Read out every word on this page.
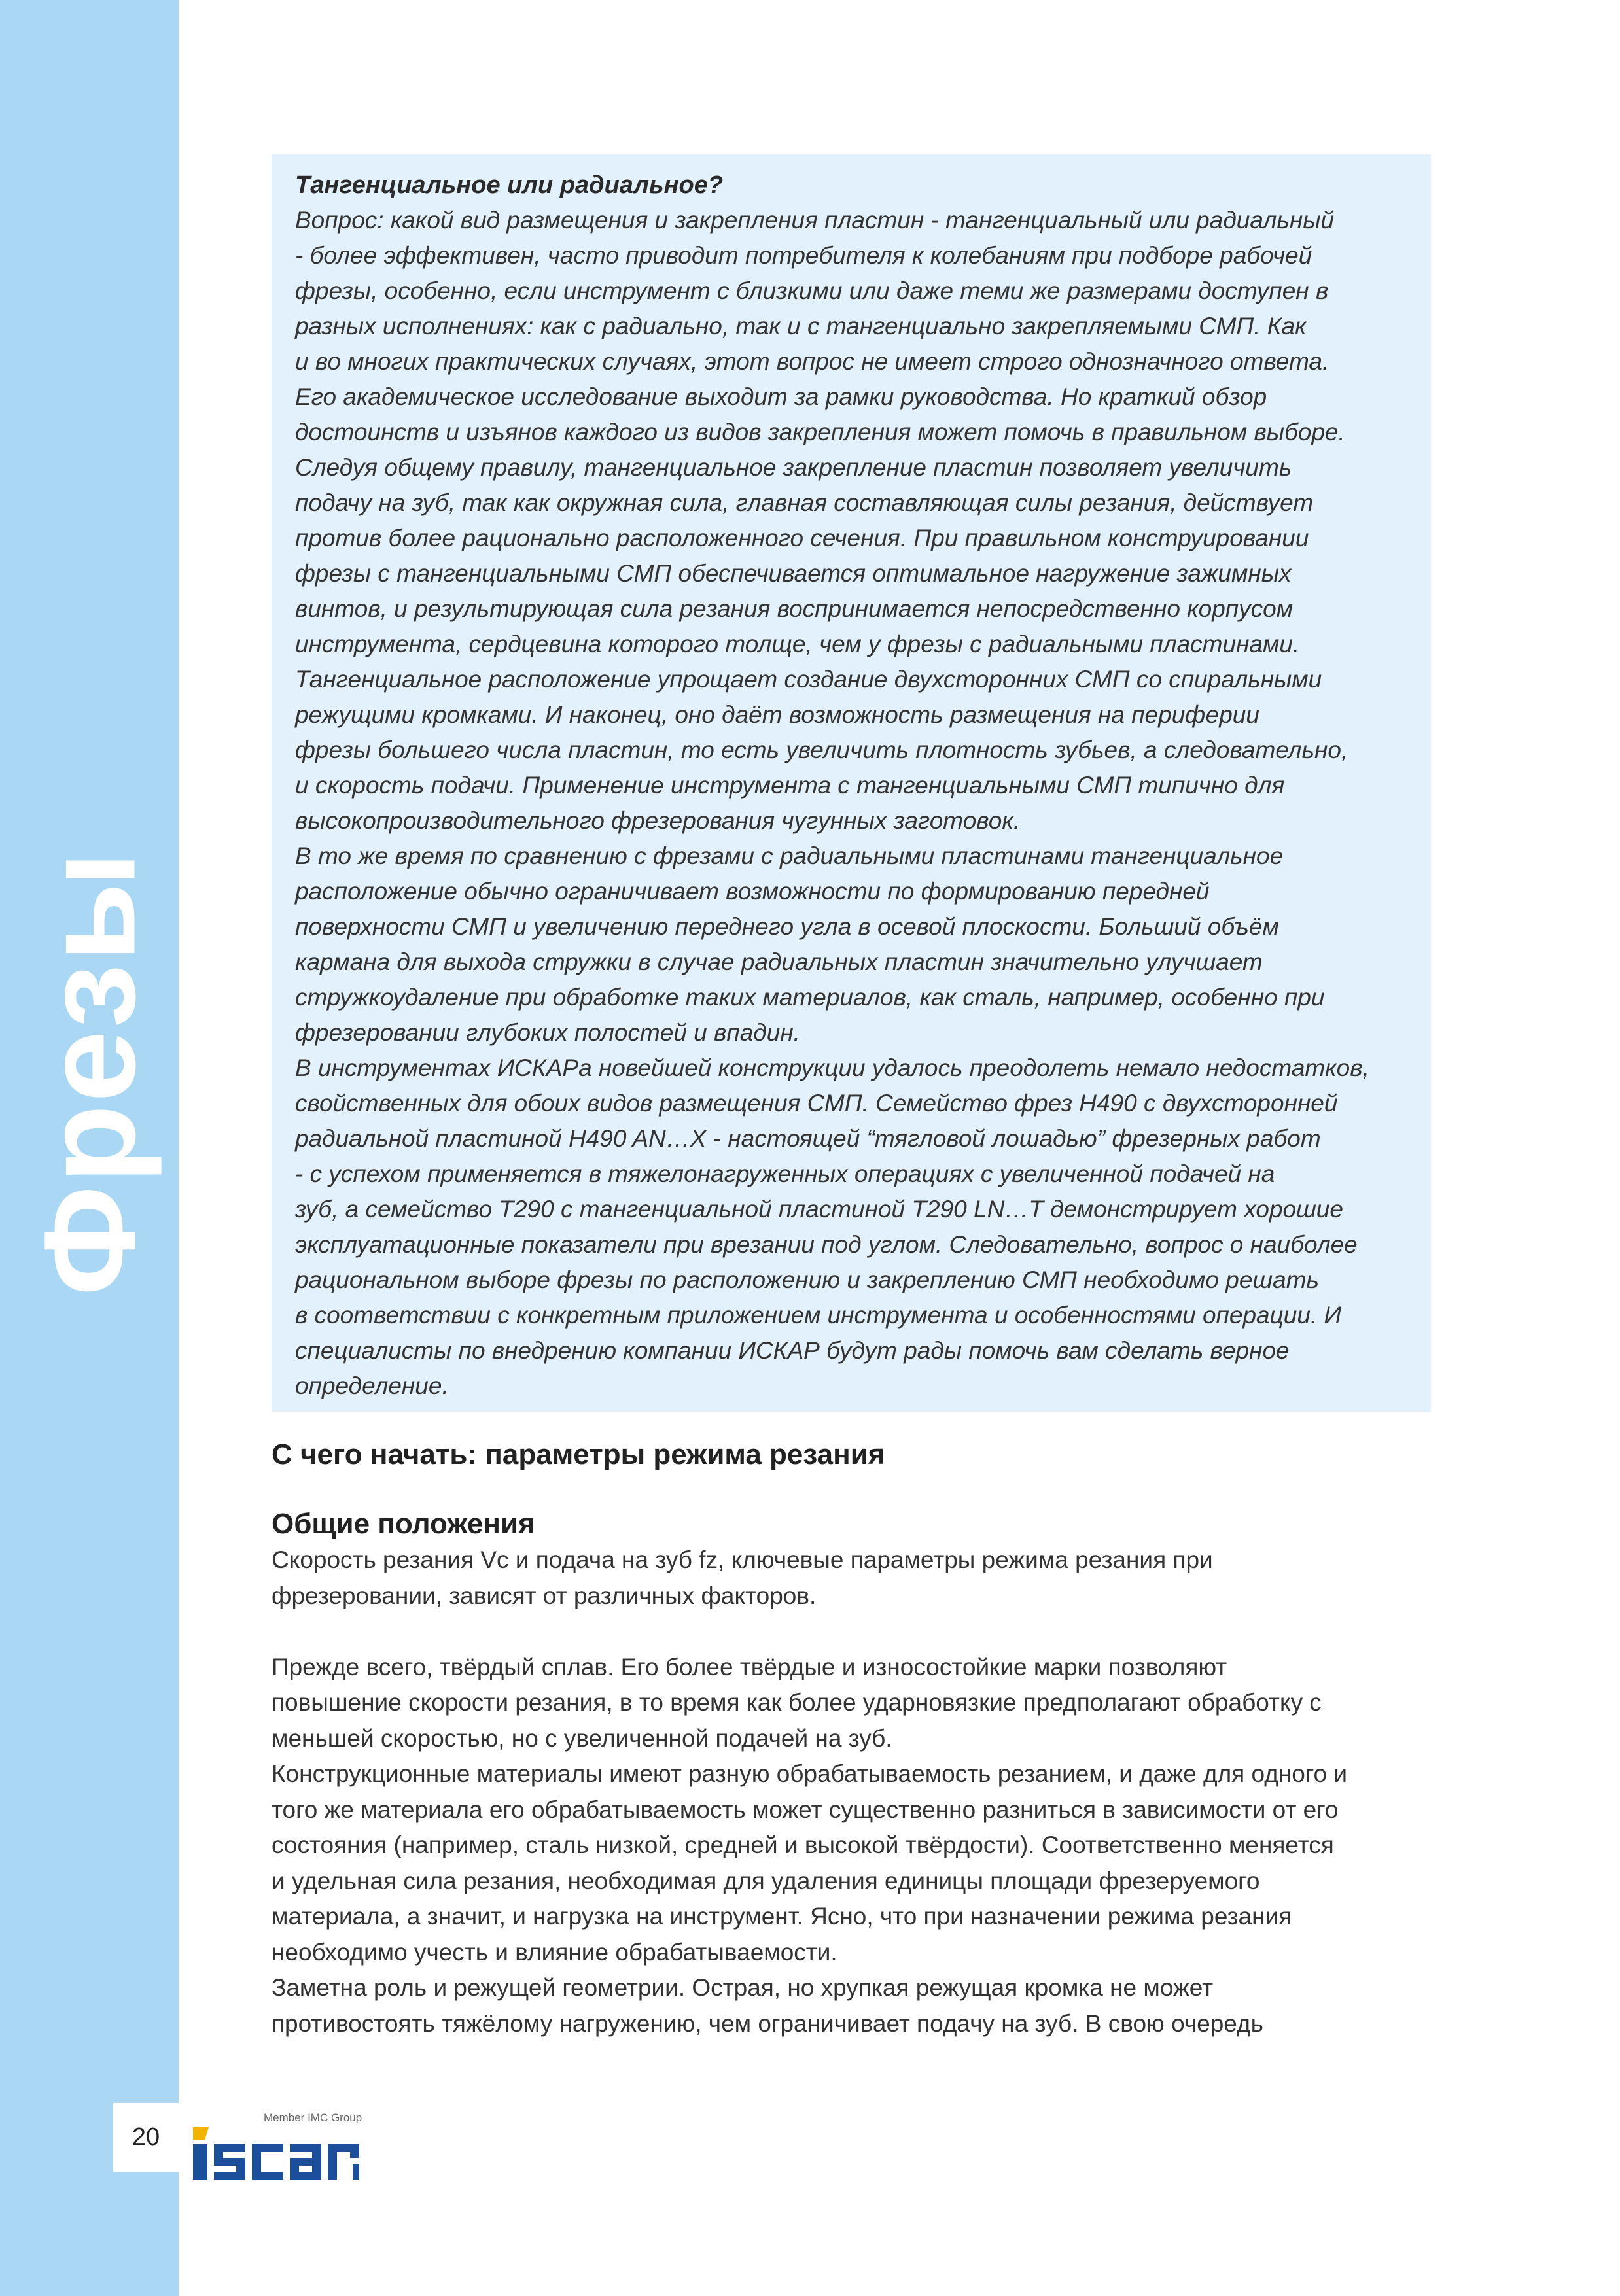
Фрезы
Тангенциальное или радиальное?
Вопрос: какой вид размещения и закрепления пластин - тангенциальный или радиальный
- более эффективен, часто приводит потребителя к колебаниям при подборе рабочей
фрезы, особенно, если инструмент с близкими или даже теми же размерами доступен в
разных исполнениях: как с радиально, так и с тангенциально закрепляемыми СМП. Как
и во многих практических случаях, этот вопрос не имеет строго однозначного ответа.
Его академическое исследование выходит за рамки руководства. Но краткий обзор
достоинств и изъянов каждого из видов закрепления может помочь в правильном выборе.
Следуя общему правилу, тангенциальное закрепление пластин позволяет увеличить
подачу на зуб, так как окружная сила, главная составляющая силы резания, действует
против более рационально расположенного сечения. При правильном конструировании
фрезы с тангенциальными СМП обеспечивается оптимальное нагружение зажимных
винтов, и результирующая сила резания воспринимается непосредственно корпусом
инструмента, сердцевина которого толще, чем у фрезы с радиальными пластинами.
Тангенциальное расположение упрощает создание двухсторонних СМП со спиральными
режущими кромками. И наконец, оно даёт возможность размещения на периферии
фрезы большего числа пластин, то есть увеличить плотность зубьев, а следовательно,
и скорость подачи. Применение инструмента с тангенциальными СМП типично для
высокопроизводительного фрезерования чугунных заготовок.
В то же время по сравнению с фрезами с радиальными пластинами тангенциальное
расположение обычно ограничивает возможности по формированию передней
поверхности СМП и увеличению переднего угла в осевой плоскости. Больший объём
кармана для выхода стружки в случае радиальных пластин значительно улучшает
стружкоудаление при обработке таких материалов, как сталь, например, особенно при
фрезеровании глубоких полостей и впадин.
В инструментах ИСКАРа новейшей конструкции удалось преодолеть немало недостатков,
свойственных для обоих видов размещения СМП. Семейство фрез H490 с двухсторонней
радиальной пластиной H490 AN…X - настоящей “тягловой лошадью” фрезерных работ
- с успехом применяется в тяжелонагруженных операциях с увеличенной подачей на
зуб, а семейство T290 с тангенциальной пластиной T290 LN…T демонстрирует хорошие
эксплуатационные показатели при врезании под углом. Следовательно, вопрос о наиболее
рациональном выборе фрезы по расположению и закреплению СМП необходимо решать
в соответствии с конкретным приложением инструмента и особенностями операции. И
специалисты по внедрению компании ИСКАР будут рады помочь вам сделать верное
определение.
С чего начать: параметры режима резания
Общие положения
Скорость резания Vc и подача на зуб fz, ключевые параметры режима резания при
фрезеровании, зависят от различных факторов.
Прежде всего, твёрдый сплав. Его более твёрдые и износостойкие марки позволяют
повышение скорости резания, в то время как более ударновязкие предполагают обработку с
меньшей скоростью, но с увеличенной подачей на зуб.
Конструкционные материалы имеют разную обрабатываемость резанием, и даже для одного и
того же материала его обрабатываемость может существенно разниться в зависимости от его
состояния (например, сталь низкой, средней и высокой твёрдости). Соответственно меняется
и удельная сила резания, необходимая для удаления единицы площади фрезеруемого
материала, а значит, и нагрузка на инструмент. Ясно, что при назначении режима резания
необходимо учесть и влияние обрабатываемости.
Заметна роль и режущей геометрии. Острая, но хрупкая режущая кромка не может
противостоять тяжёлому нагружению, чем ограничивает подачу на зуб. В свою очередь
20
Member IMC Group
